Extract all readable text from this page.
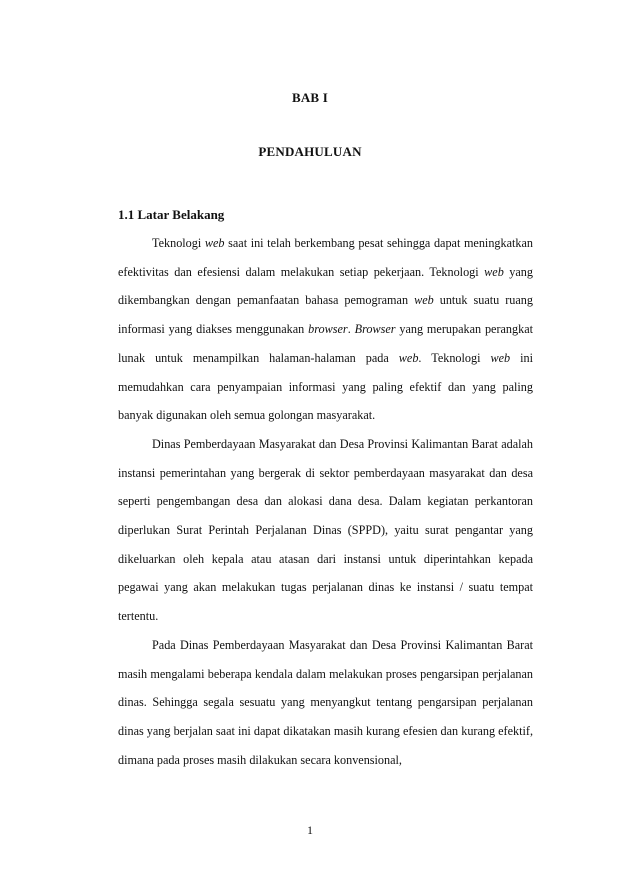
BAB I
PENDAHULUAN
1.1 Latar Belakang

Teknologi web saat ini telah berkembang pesat sehingga dapat meningkatkan efektivitas dan efesiensi dalam melakukan setiap pekerjaan. Teknologi web yang dikembangkan dengan pemanfaatan bahasa pemograman web untuk suatu ruang informasi yang diakses menggunakan browser. Browser yang merupakan perangkat lunak untuk menampilkan halaman-halaman pada web. Teknologi web ini memudahkan cara penyampaian informasi yang paling efektif dan yang paling banyak digunakan oleh semua golongan masyarakat.

Dinas Pemberdayaan Masyarakat dan Desa Provinsi Kalimantan Barat adalah instansi pemerintahan yang bergerak di sektor pemberdayaan masyarakat dan desa seperti pengembangan desa dan alokasi dana desa. Dalam kegiatan perkantoran diperlukan Surat Perintah Perjalanan Dinas (SPPD), yaitu surat pengantar yang dikeluarkan oleh kepala atau atasan dari instansi untuk diperintahkan kepada pegawai yang akan melakukan tugas perjalanan dinas ke instansi / suatu tempat tertentu.

Pada Dinas Pemberdayaan Masyarakat dan Desa Provinsi Kalimantan Barat masih mengalami beberapa kendala dalam melakukan proses pengarsipan perjalanan dinas. Sehingga segala sesuatu yang menyangkut tentang pengarsipan perjalanan dinas yang berjalan saat ini dapat dikatakan masih kurang efesien dan kurang efektif, dimana pada proses masih dilakukan secara konvensional,

1
